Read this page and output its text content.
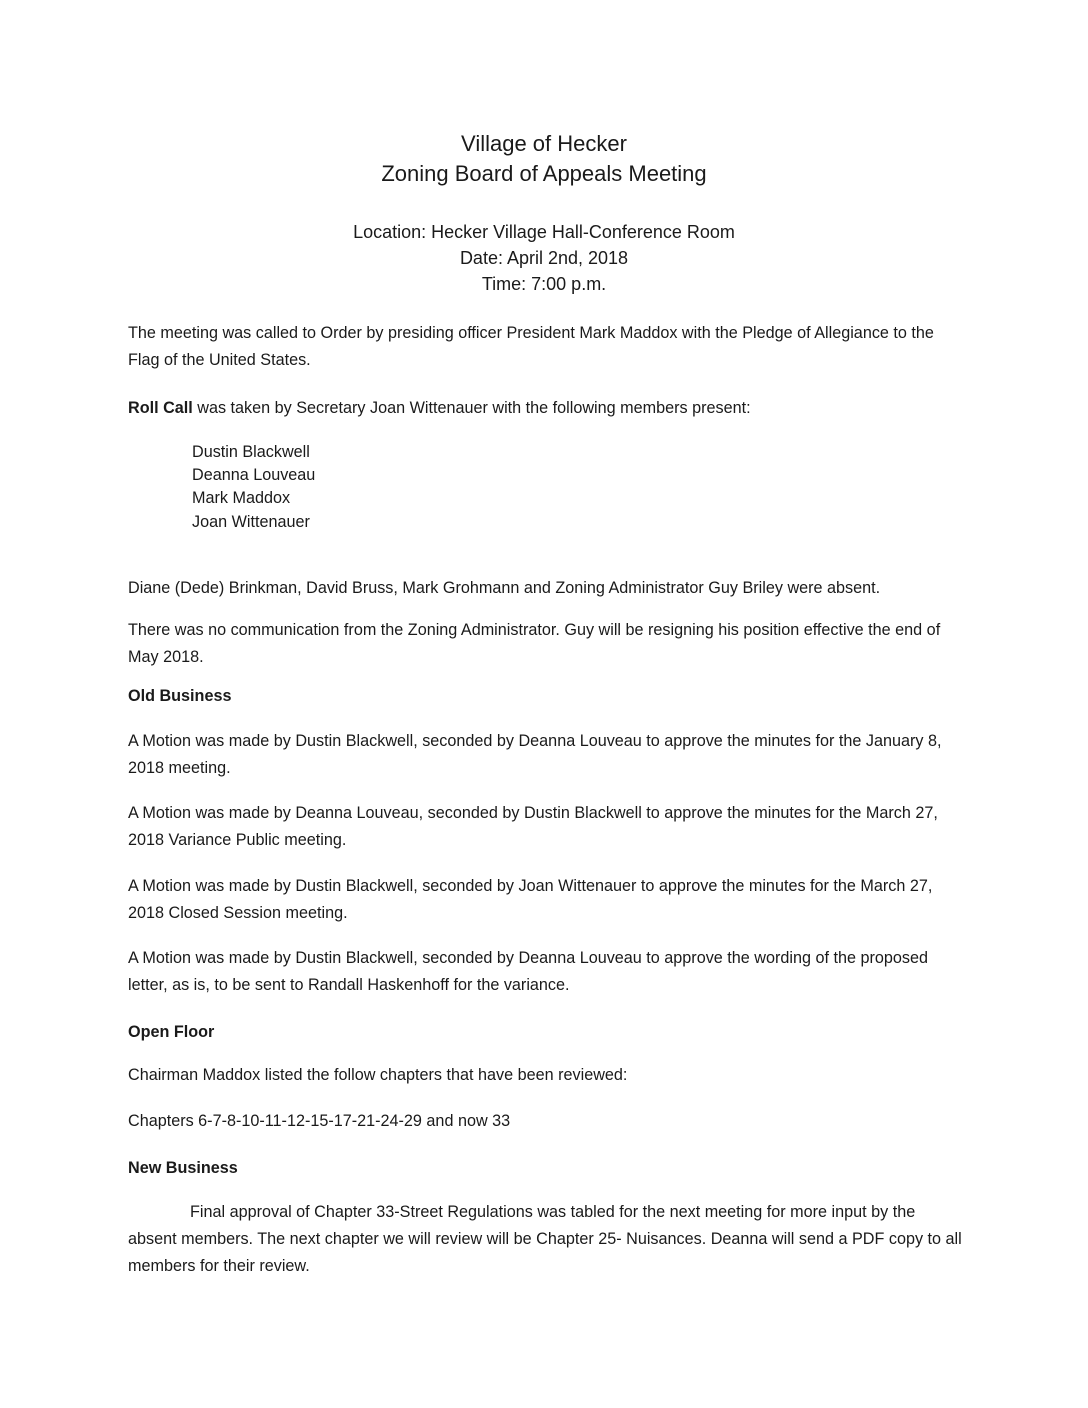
Village of Hecker
Zoning Board of Appeals Meeting
Location: Hecker Village Hall-Conference Room
Date: April 2nd, 2018
Time: 7:00 p.m.
The meeting was called to Order by presiding officer President Mark Maddox with the Pledge of Allegiance to the Flag of the United States.
Roll Call was taken by Secretary Joan Wittenauer with the following members present:
Dustin Blackwell
Deanna Louveau
Mark Maddox
Joan Wittenauer
Diane (Dede) Brinkman, David Bruss, Mark Grohmann and Zoning Administrator Guy Briley were absent.
There was no communication from the Zoning Administrator. Guy will be resigning his position effective the end of May 2018.
Old Business
A Motion was made by Dustin Blackwell, seconded by Deanna Louveau to approve the minutes for the January 8, 2018 meeting.
A Motion was made by Deanna Louveau, seconded by Dustin Blackwell to approve the minutes for the March 27, 2018 Variance Public meeting.
A Motion was made by Dustin Blackwell, seconded by Joan Wittenauer to approve the minutes for the March 27, 2018 Closed Session meeting.
A Motion was made by Dustin Blackwell, seconded by Deanna Louveau to approve the wording of the proposed letter, as is, to be sent to Randall Haskenhoff for the variance.
Open Floor
Chairman Maddox listed the follow chapters that have been reviewed:
Chapters 6-7-8-10-11-12-15-17-21-24-29 and now 33
New Business
Final approval of Chapter 33-Street Regulations was tabled for the next meeting for more input by the absent members. The next chapter we will review will be Chapter 25- Nuisances. Deanna will send a PDF copy to all members for their review.
